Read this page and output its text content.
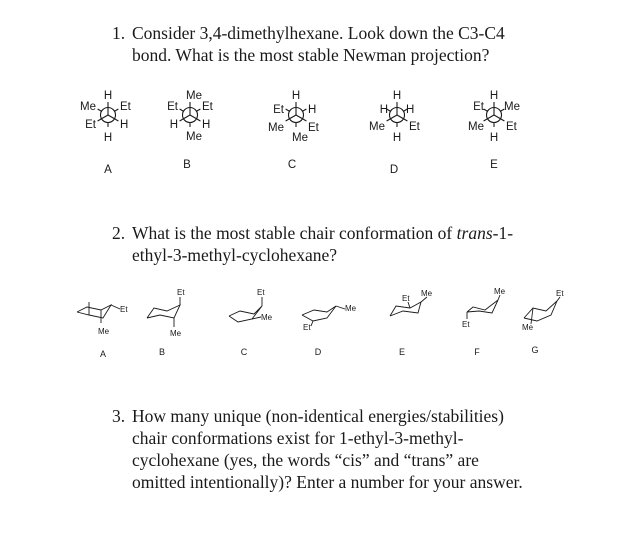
1. Consider 3,4-dimethylhexane. Look down the C3-C4
bond. What is the most stable Newman projection?
2. What is the most stable chair conformation of trans-1-
ethyl-3-methyl-cyclohexane?
3. How many unique (non-identical energies/stabilities)
chair conformations exist for 1-ethyl-3-methyl-
cyclohexane (yes, the words “cis” and “trans” are
omitted intentionally)? Enter a number for your answer.
H
Me Et
Et H
H
A
Me
Et Et
H H
Me
B
H
Et H
Me Et
Me
C
H
H H
Me Et
H
D
H
Et Me
Me Et
H
E
Et
Me
A
Et
Me
B
Et
Me
C
Me
Et
D
Me
Et
E
Me
Et
F
Et
Me
G
